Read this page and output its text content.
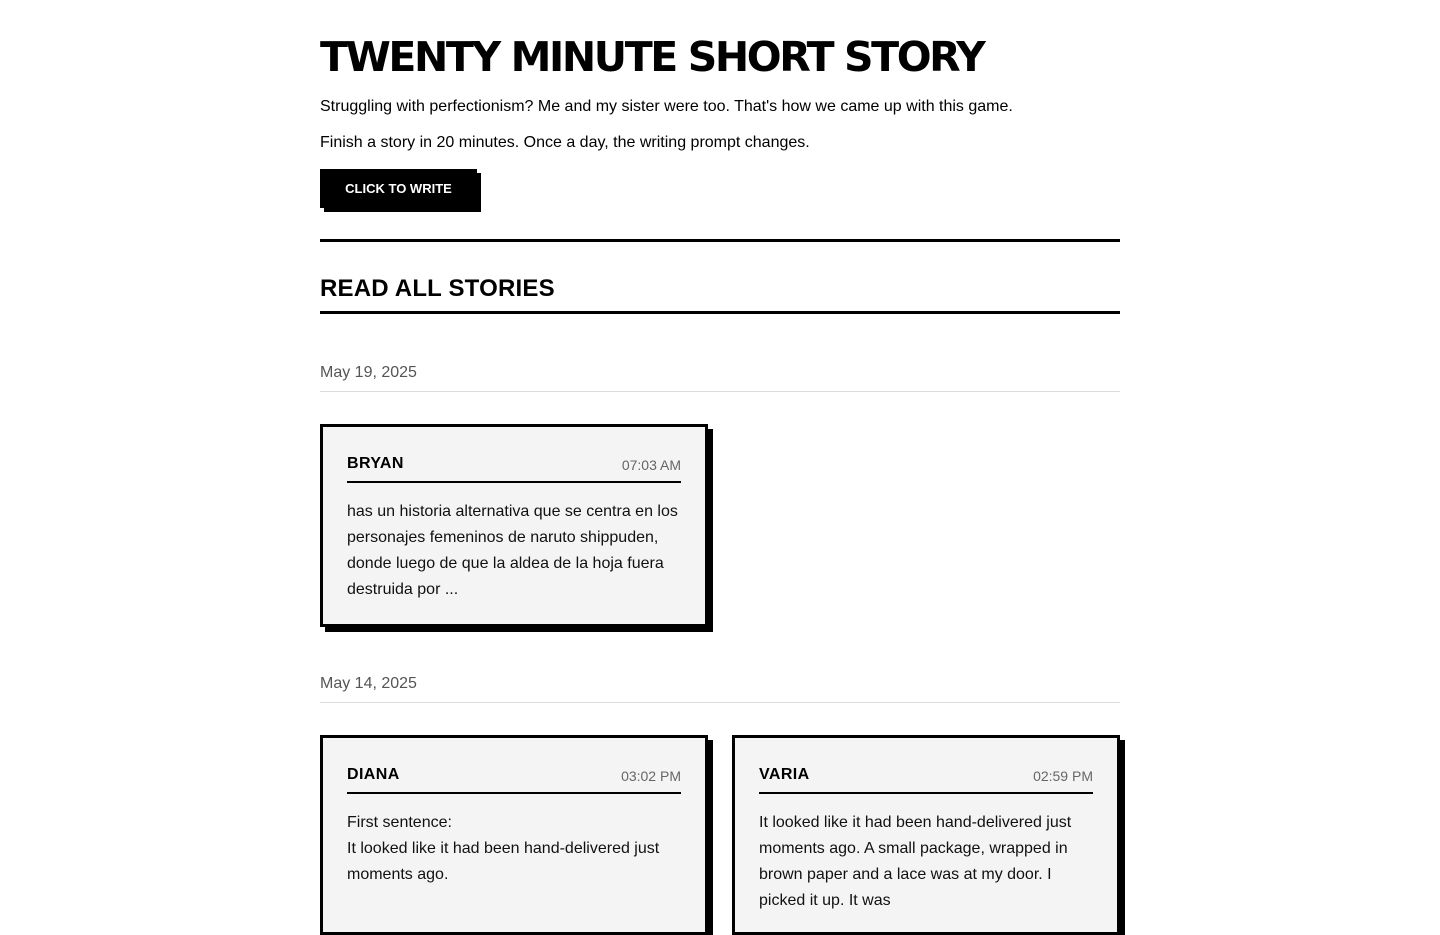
TWENTY MINUTE SHORT STORY

Struggling with perfectionism? Me and my sister were too. That's how we came up with this game.

Finish a story in 20 minutes. Once a day, the writing prompt changes.

CLICK TO WRITE
READ ALL STORIES
May 19, 2025
BRYAN	07:03 AM
has un historia alternativa que se centra en los personajes femeninos de naruto shippuden, donde luego de que la aldea de la hoja fuera destruida por ...
May 14, 2025
DIANA	03:02 PM
First sentence:
It looked like it had been hand-delivered just moments ago.
VARIA	02:59 PM
It looked like it had been hand-delivered just moments ago. A small package, wrapped in brown paper and a lace was at my door. I picked it up. It was
